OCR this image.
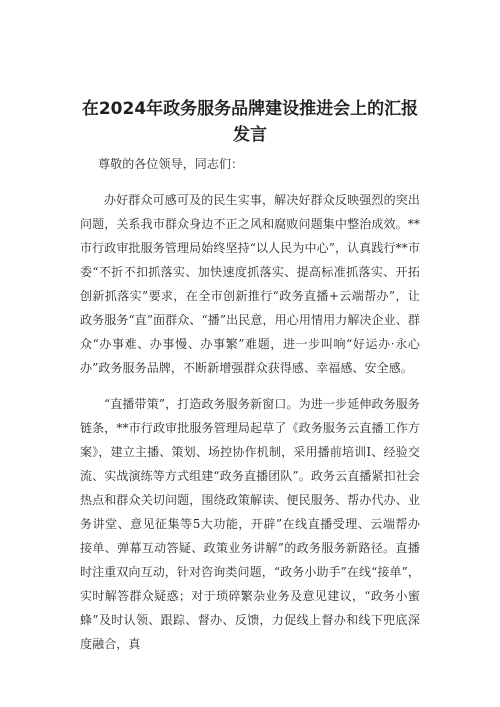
在2024年政务服务品牌建设推进会上的汇报发言

尊敬的各位领导，同志们：

办好群众可感可及的民生实事，解决好群众反映强烈的突出问题，关系我市群众身边不正之风和腐败问题集中整治成效。**市行政审批服务管理局始终坚持“以人民为中心”，认真践行**市委“不折不扣抓落实、加快速度抓落实、提高标准抓落实、开拓创新抓落实”要求，在全市创新推行“政务直播+云端帮办”，让政务服务“直”面群众、“播”出民意，用心用情用力解决企业、群众“办事难、办事慢、办事繁”难题，进一步叫响“好运办·永心办”政务服务品牌，不断新增强群众获得感、幸福感、安全感。

“直播带策”，打造政务服务新窗口。为进一步延伸政务服务链条，**市行政审批服务管理局起草了《政务服务云直播工作方案》，建立主播、策划、场控协作机制，采用播前培训Ⅰ、经验交流、实战演练等方式组建“政务直播团队”。政务云直播紧扣社会热点和群众关切问题，围绕政策解读、便民服务、帮办代办、业务讲堂、意见征集等5大功能，开辟”在线直播受理、云端帮办接单、弹幕互动答疑、政策业务讲解”的政务服务新路径。直播时注重双向互动，针对咨询类问题，“政务小助手”在线“接单”，实时解答群众疑惑；对于琐碎繁杂业务及意见建议，“政务小蜜蜂”及时认领、跟踪、督办、反馈，力促线上督办和线下兜底深度融合，真
